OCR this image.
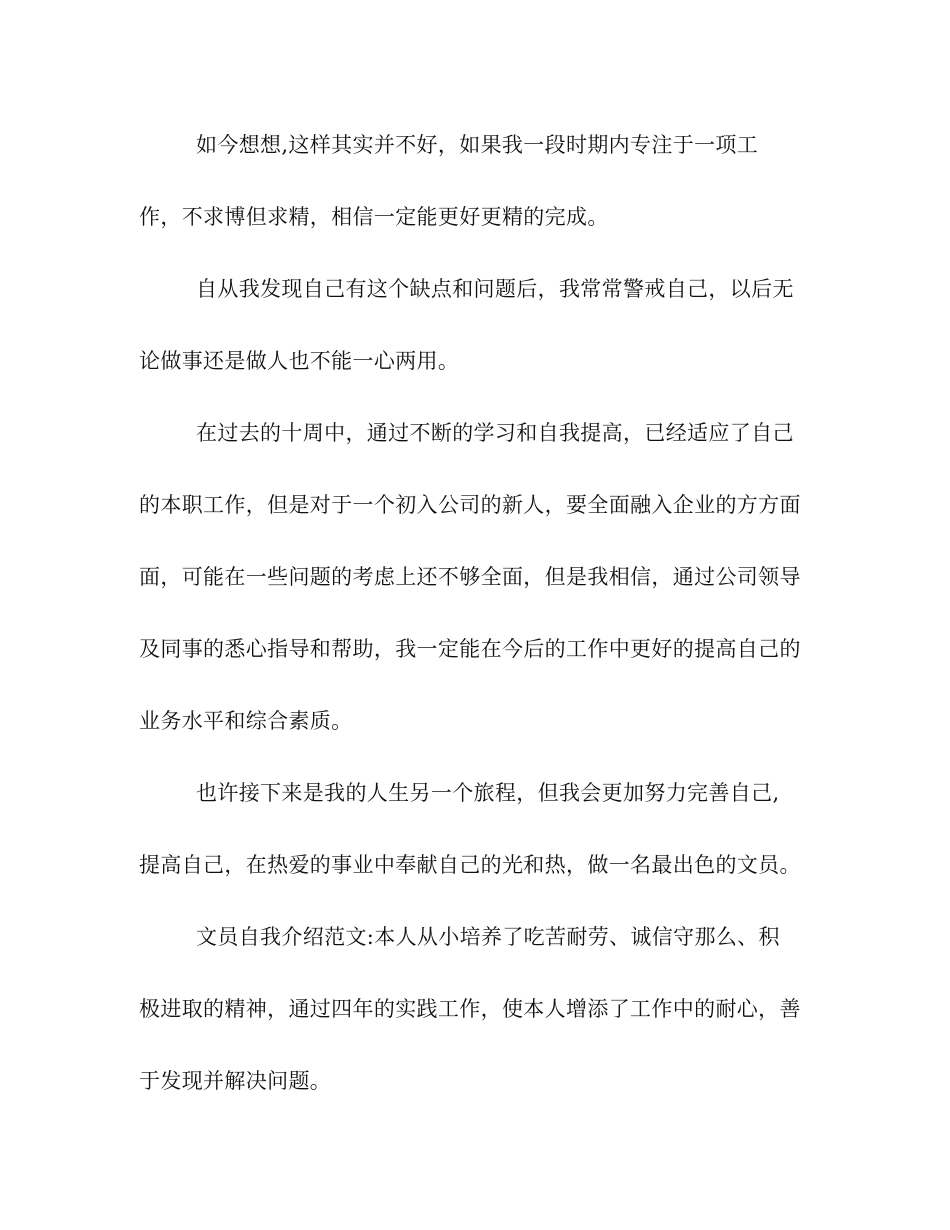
如今想想,这样其实并不好，如果我一段时期内专注于一项工
作，不求博但求精，相信一定能更好更精的完成。
自从我发现自己有这个缺点和问题后，我常常警戒自己，以后无
论做事还是做人也不能一心两用。
在过去的十周中，通过不断的学习和自我提高，已经适应了自己
的本职工作，但是对于一个初入公司的新人，要全面融入企业的方方面
面，可能在一些问题的考虑上还不够全面，但是我相信，通过公司领导
及同事的悉心指导和帮助，我一定能在今后的工作中更好的提高自己的
业务水平和综合素质。
也许接下来是我的人生另一个旅程，但我会更加努力完善自己,
提高自己，在热爱的事业中奉献自己的光和热，做一名最出色的文员。
文员自我介绍范文:本人从小培养了吃苦耐劳、诚信守那么、积
极进取的精神，通过四年的实践工作，使本人增添了工作中的耐心，善
于发现并解决问题。
